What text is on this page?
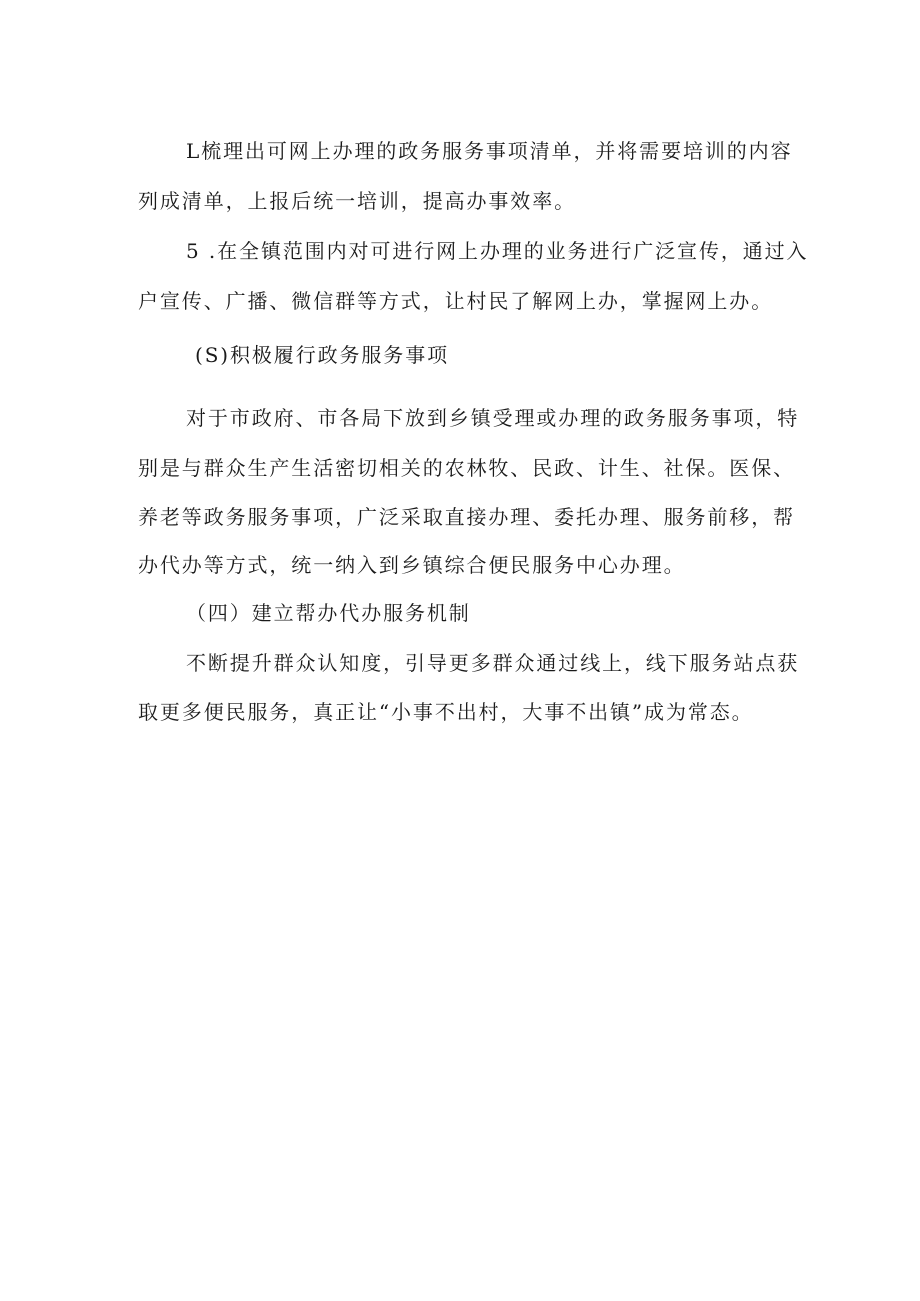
L梳理出可网上办理的政务服务事项清单，并将需要培训的内容
列成清单，上报后统一培训，提高办事效率。
5 .在全镇范围内对可进行网上办理的业务进行广泛宣传，通过入
户宣传、广播、微信群等方式，让村民了解网上办，掌握网上办。
(S)积极履行政务服务事项
对于市政府、市各局下放到乡镇受理或办理的政务服务事项，特
别是与群众生产生活密切相关的农林牧、民政、计生、社保。医保、
养老等政务服务事项，广泛采取直接办理、委托办理、服务前移，帮
办代办等方式，统一纳入到乡镇综合便民服务中心办理。
（四）建立帮办代办服务机制
不断提升群众认知度，引导更多群众通过线上，线下服务站点获
取更多便民服务，真正让“小事不出村，大事不出镇”成为常态。
